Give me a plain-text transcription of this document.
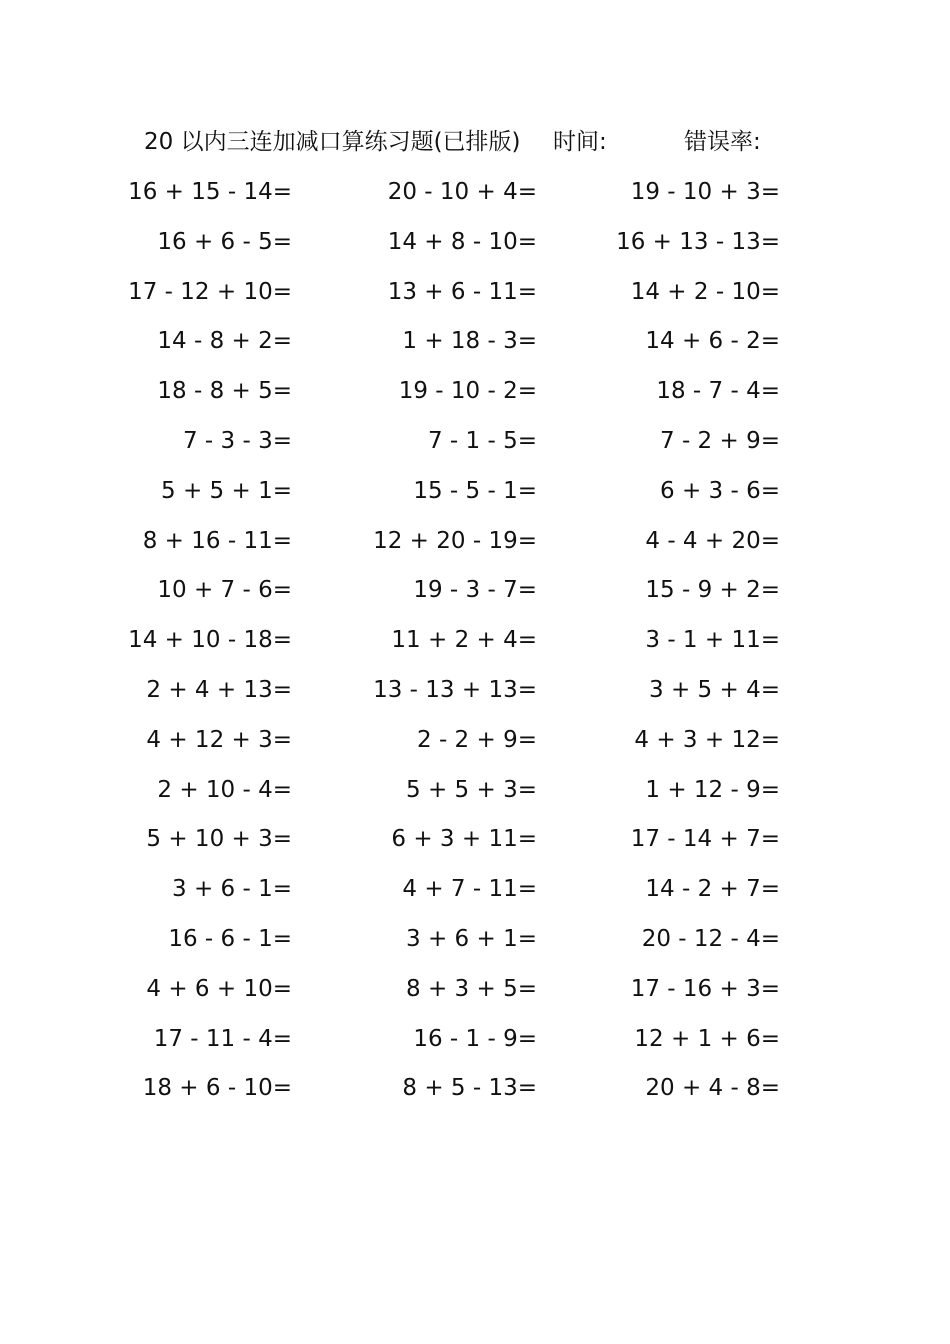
20 以内三连加减口算练习题(已排版) 时间:	错误率:
16 + 15 - 14=	20 - 10 + 4=	19 - 10 + 3=
16 + 6 - 5=	14 + 8 - 10=	16 + 13 - 13=
17 - 12 + 10=	13 + 6 - 11=	14 + 2 - 10=
14 - 8 + 2=	1 + 18 - 3=	14 + 6 - 2=
18 - 8 + 5=	19 - 10 - 2=	18 - 7 - 4=
7 - 3 - 3=	7 - 1 - 5=	7 - 2 + 9=
5 + 5 + 1=	15 - 5 - 1=	6 + 3 - 6=
8 + 16 - 11=	12 + 20 - 19=	4 - 4 + 20=
10 + 7 - 6=	19 - 3 - 7=	15 - 9 + 2=
14 + 10 - 18=	11 + 2 + 4=	3 - 1 + 11=
2 + 4 + 13=	13 - 13 + 13=	3 + 5 + 4=
4 + 12 + 3=	2 - 2 + 9=	4 + 3 + 12=
2 + 10 - 4=	5 + 5 + 3=	1 + 12 - 9=
5 + 10 + 3=	6 + 3 + 11=	17 - 14 + 7=
3 + 6 - 1=	4 + 7 - 11=	14 - 2 + 7=
16 - 6 - 1=	3 + 6 + 1=	20 - 12 - 4=
4 + 6 + 10=	8 + 3 + 5=	17 - 16 + 3=
17 - 11 - 4=	16 - 1 - 9=	12 + 1 + 6=
18 + 6 - 10=	8 + 5 - 13=	20 + 4 - 8=
